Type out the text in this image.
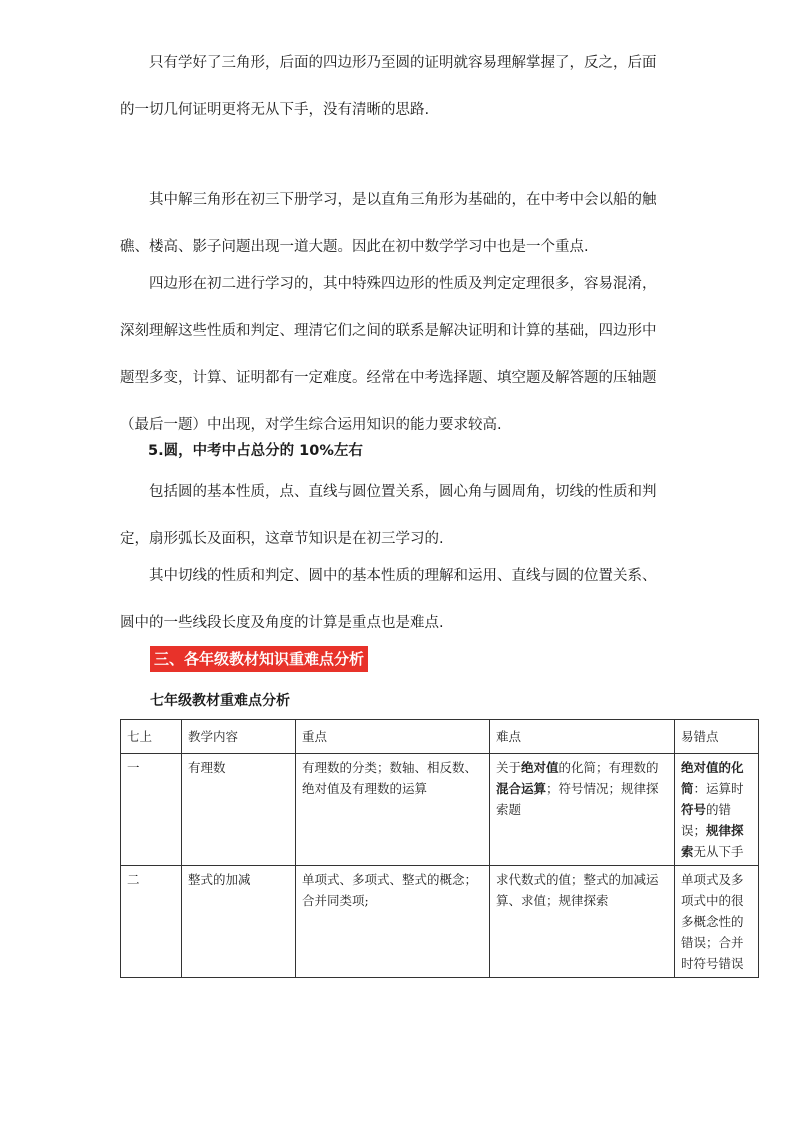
只有学好了三角形，后面的四边形乃至圆的证明就容易理解掌握了，反之，后面
的一切几何证明更将无从下手，没有清晰的思路.
其中解三角形在初三下册学习，是以直角三角形为基础的，在中考中会以船的触
礁、楼高、影子问题出现一道大题。因此在初中数学学习中也是一个重点.
四边形在初二进行学习的，其中特殊四边形的性质及判定定理很多，容易混淆，
深刻理解这些性质和判定、理清它们之间的联系是解决证明和计算的基础，四边形中
题型多变，计算、证明都有一定难度。经常在中考选择题、填空题及解答题的压轴题
（最后一题）中出现，对学生综合运用知识的能力要求较高.
5.圆，中考中占总分的 10%左右
包括圆的基本性质，点、直线与圆位置关系，圆心角与圆周角，切线的性质和判
定，扇形弧长及面积，这章节知识是在初三学习的.
其中切线的性质和判定、圆中的基本性质的理解和运用、直线与圆的位置关系、
圆中的一些线段长度及角度的计算是重点也是难点.
三、各年级教材知识重难点分析
七年级教材重难点分析
七上	教学内容	重点	难点	易错点
一	有理数	有理数的分类；数轴、相反数、绝对值及有理数的运算	关于绝对值的化简；有理数的混合运算；符号情况；规律探索题	绝对值的化简：运算时符号的错误；规律探索无从下手
二	整式的加减	单项式、多项式、整式的概念；合并同类项;	求代数式的值；整式的加减运算、求值；规律探索	单项式及多项式中的很多概念性的错误；合并时符号错误
